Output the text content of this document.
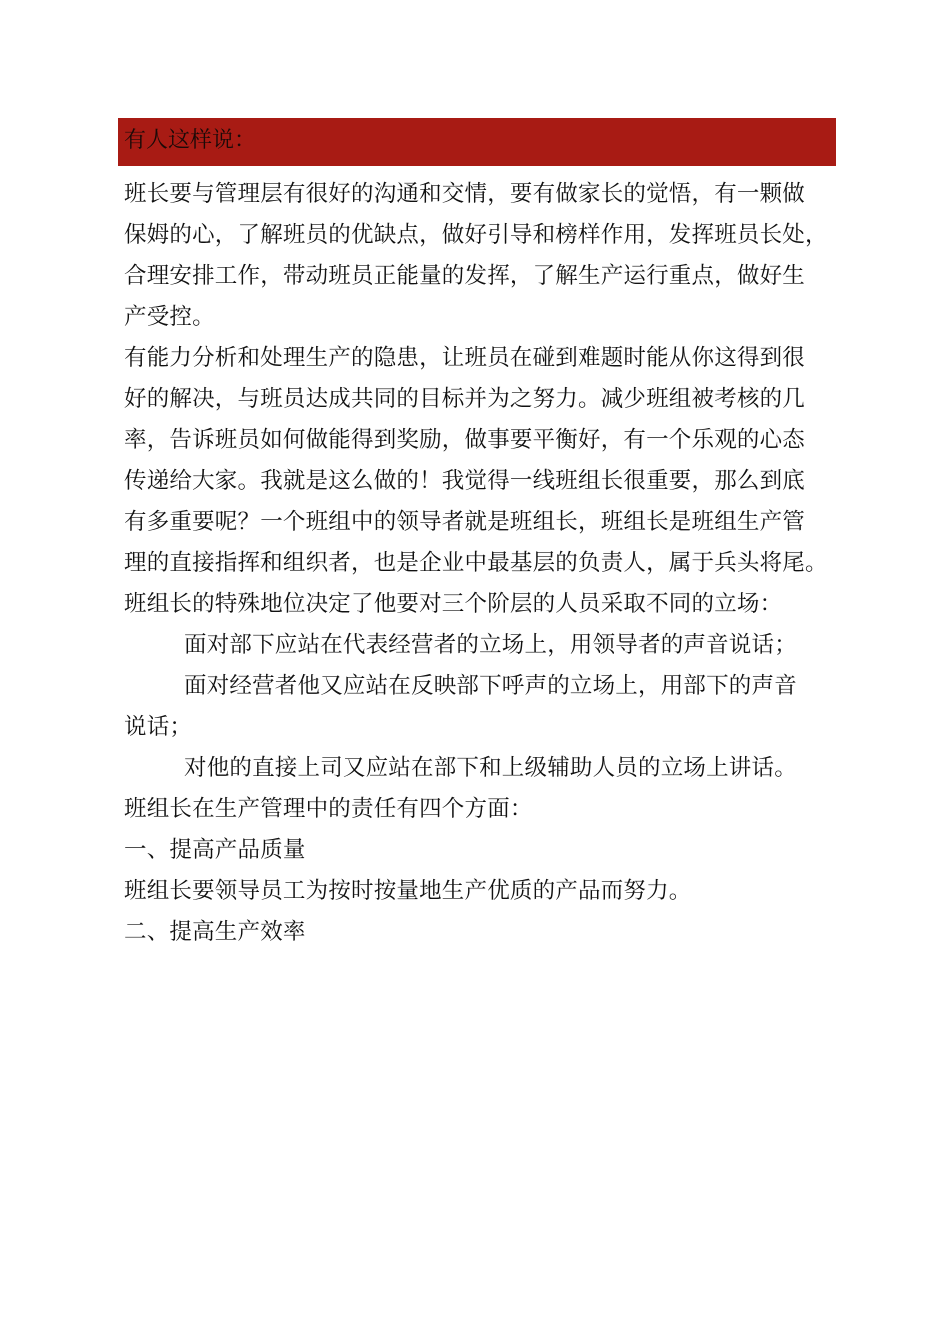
有人这样说：
班长要与管理层有很好的沟通和交情，要有做家长的觉悟，有一颗做
保姆的心，了解班员的优缺点，做好引导和榜样作用，发挥班员长处，
合理安排工作，带动班员正能量的发挥，了解生产运行重点，做好生
产受控。
有能力分析和处理生产的隐患，让班员在碰到难题时能从你这得到很
好的解决，与班员达成共同的目标并为之努力。减少班组被考核的几
率，告诉班员如何做能得到奖励，做事要平衡好，有一个乐观的心态
传递给大家。我就是这么做的！我觉得一线班组长很重要，那么到底
有多重要呢？一个班组中的领导者就是班组长，班组长是班组生产管
理的直接指挥和组织者，也是企业中最基层的负责人，属于兵头将尾。
班组长的特殊地位决定了他要对三个阶层的人员采取不同的立场：
面对部下应站在代表经营者的立场上，用领导者的声音说话；
面对经营者他又应站在反映部下呼声的立场上，用部下的声音
说话；
对他的直接上司又应站在部下和上级辅助人员的立场上讲话。
班组长在生产管理中的责任有四个方面：
一、提高产品质量
班组长要领导员工为按时按量地生产优质的产品而努力。
二、提高生产效率
